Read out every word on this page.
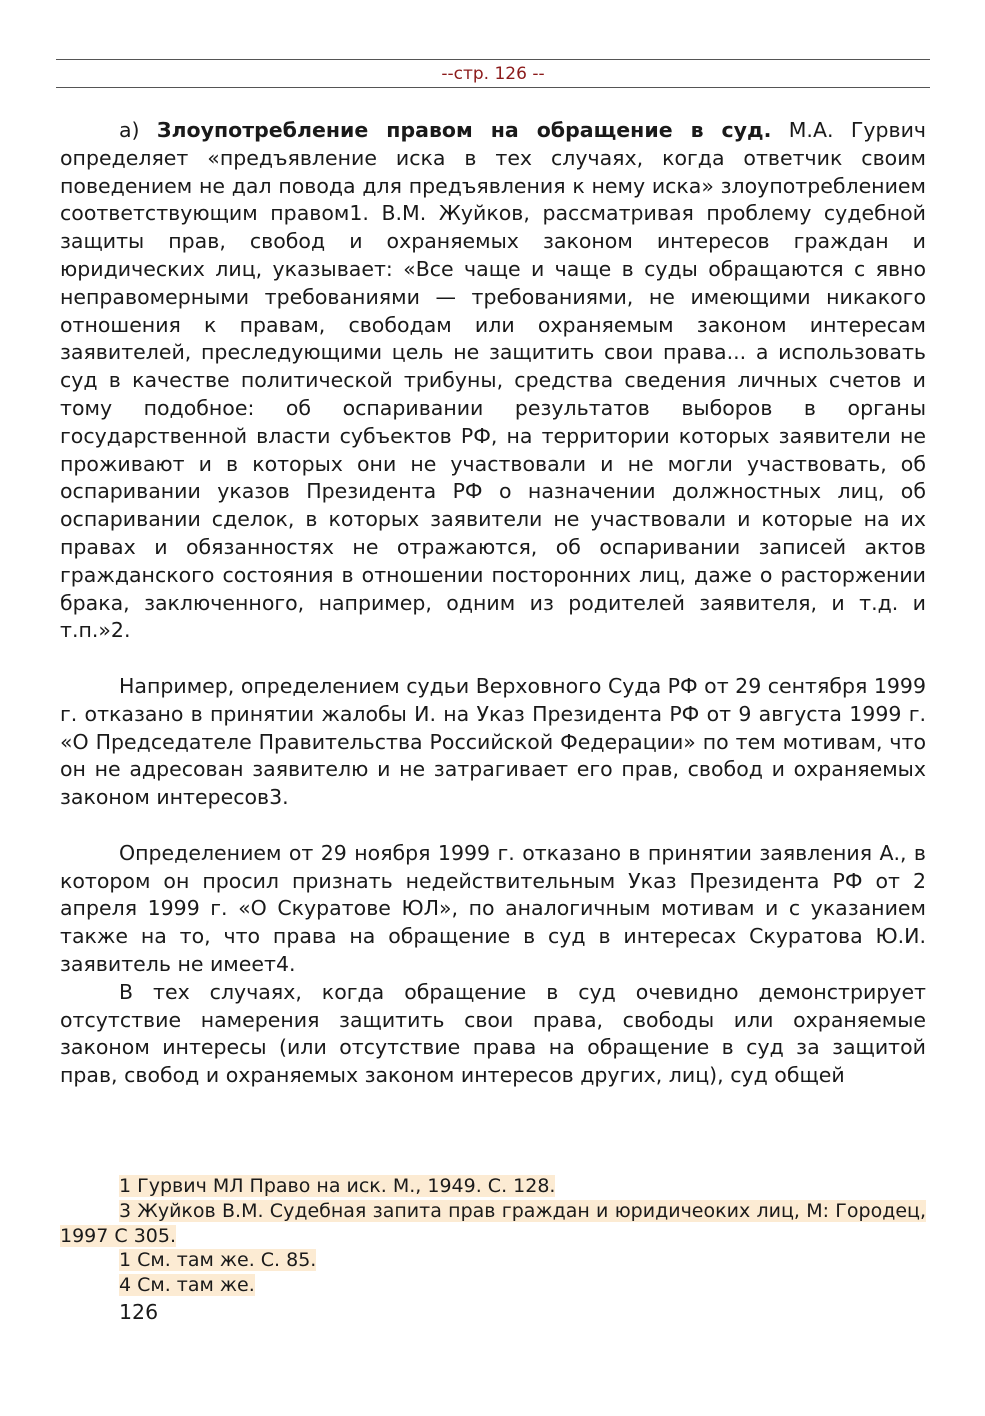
--стр. 126 --

а) Злоупотребление правом на обращение в суд. М.А. Гурвич определяет «предъявление иска в тех случаях, когда ответчик своим поведением не дал повода для предъявления к нему иска» злоупотреблением соответствующим правом1. В.М. Жуйков, рассматривая проблему судебной защиты прав, свобод и охраняемых законом интересов граждан и юридических лиц, указывает: «Все чаще и чаще в суды обращаются с явно неправомерными требованиями — требованиями, не имеющими никакого отношения к правам, свободам или охраняемым законом интересам заявителей, преследующими цель не защитить свои права... а использовать суд в качестве политической трибуны, средства сведения личных счетов и тому подобное: об оспаривании результатов выборов в органы государственной власти субъектов РФ, на территории которых заявители не проживают и в которых они не участвовали и не могли участвовать, об оспаривании указов Президента РФ о назначении должностных лиц, об оспаривании сделок, в которых заявители не участвовали и которые на их правах и обязанностях не отражаются, об оспаривании записей актов гражданского состояния в отношении посторонних лиц, даже о расторжении брака, заключенного, например, одним из родителей заявителя, и т.д. и т.п.»2.

Например, определением судьи Верховного Суда РФ от 29 сентября 1999 г. отказано в принятии жалобы И. на Указ Президента РФ от 9 августа 1999 г. «О Председателе Правительства Российской Федерации» по тем мотивам, что он не адресован заявителю и не затрагивает его прав, свобод и охраняемых законом интересов3.

Определением от 29 ноября 1999 г. отказано в принятии заявления А., в котором он просил признать недействительным Указ Президента РФ от 2 апреля 1999 г. «О Скуратове ЮЛ», по аналогичным мотивам и с указанием также на то, что права на обращение в суд в интересах Скуратова Ю.И. заявитель не имеет4.

В тех случаях, когда обращение в суд очевидно демонстрирует отсутствие намерения защитить свои права, свободы или охраняемые законом интересы (или отсутствие права на обращение в суд за защитой прав, свобод и охраняемых законом интересов других, лиц), суд общей

1 Гурвич МЛ Право на иск. М., 1949. С. 128.

3 Жуйков В.М. Судебная запита прав граждан и юридичеоких лиц, М: Городец, 1997 С 305.

1 См. там же. С. 85.

4 См. там же.

126
